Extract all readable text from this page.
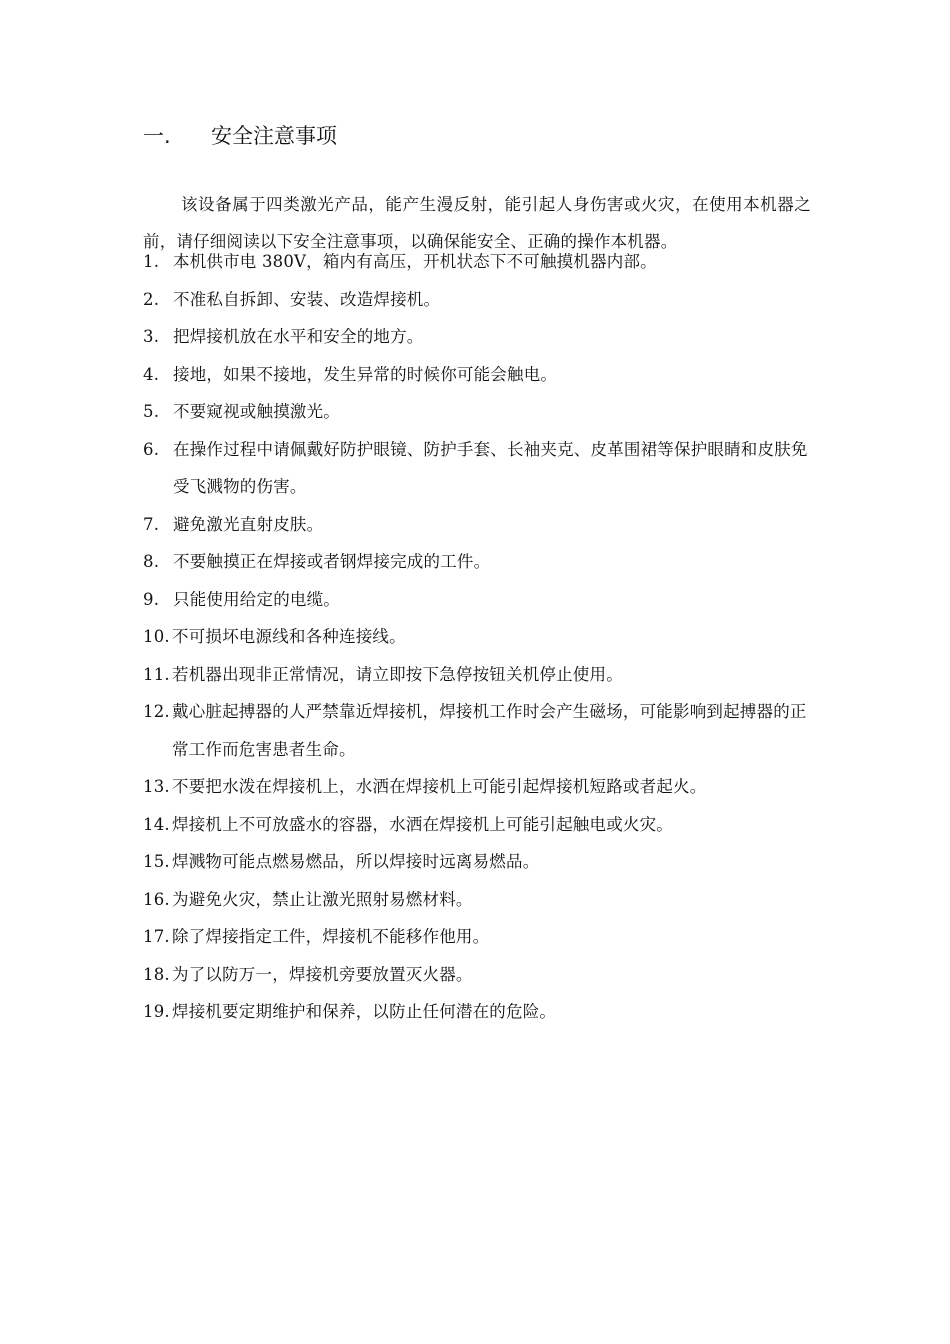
一. 安全注意事项

该设备属于四类激光产品，能产生漫反射，能引起人身伤害或火灾，在使用本机器之前，请仔细阅读以下安全注意事项，以确保能安全、正确的操作本机器。

1. 本机供市电 380V，箱内有高压，开机状态下不可触摸机器内部。
2. 不准私自拆卸、安装、改造焊接机。
3. 把焊接机放在水平和安全的地方。
4. 接地，如果不接地，发生异常的时候你可能会触电。
5. 不要窥视或触摸激光。
6. 在操作过程中请佩戴好防护眼镜、防护手套、长袖夹克、皮革围裙等保护眼睛和皮肤免受飞溅物的伤害。
7. 避免激光直射皮肤。
8. 不要触摸正在焊接或者钢焊接完成的工件。
9. 只能使用给定的电缆。
10. 不可损坏电源线和各种连接线。
11. 若机器出现非正常情况，请立即按下急停按钮关机停止使用。
12. 戴心脏起搏器的人严禁靠近焊接机，焊接机工作时会产生磁场，可能影响到起搏器的正常工作而危害患者生命。
13. 不要把水泼在焊接机上，水洒在焊接机上可能引起焊接机短路或者起火。
14. 焊接机上不可放盛水的容器，水洒在焊接机上可能引起触电或火灾。
15. 焊溅物可能点燃易燃品，所以焊接时远离易燃品。
16. 为避免火灾，禁止让激光照射易燃材料。
17. 除了焊接指定工件，焊接机不能移作他用。
18. 为了以防万一，焊接机旁要放置灭火器。
19. 焊接机要定期维护和保养，以防止任何潜在的危险。
